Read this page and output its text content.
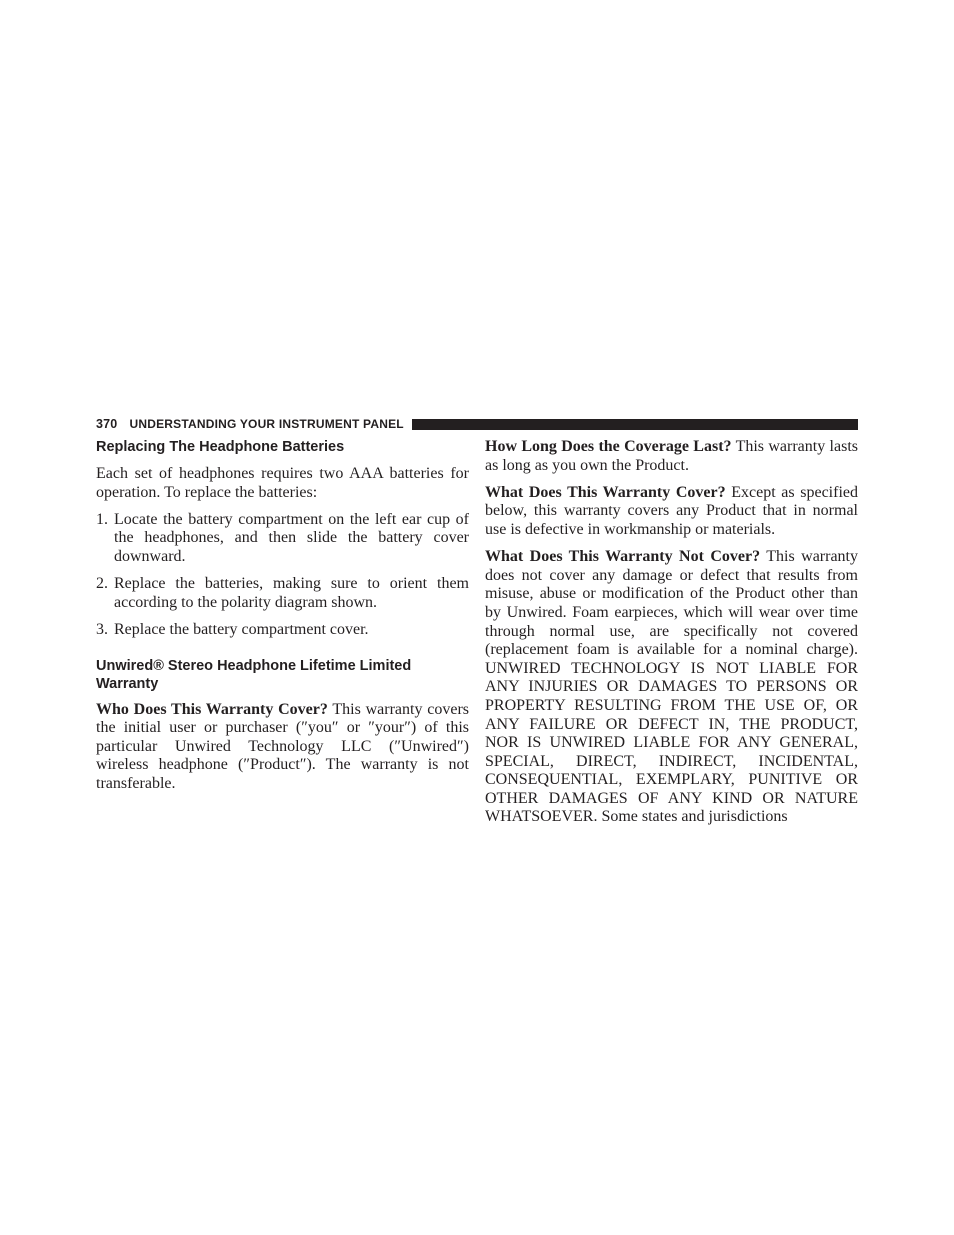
370 UNDERSTANDING YOUR INSTRUMENT PANEL
Replacing The Headphone Batteries

Each set of headphones requires two AAA batteries for operation. To replace the batteries:

1. Locate the battery compartment on the left ear cup of the headphones, and then slide the battery cover downward.
2. Replace the batteries, making sure to orient them according to the polarity diagram shown.
3. Replace the battery compartment cover.
Unwired® Stereo Headphone Lifetime Limited Warranty

Who Does This Warranty Cover? This warranty covers the initial user or purchaser (″you″ or ″your″) of this particular Unwired Technology LLC (″Unwired″) wireless headphone (″Product″). The warranty is not transferable.

How Long Does the Coverage Last? This warranty lasts as long as you own the Product.

What Does This Warranty Cover? Except as specified below, this warranty covers any Product that in normal use is defective in workmanship or materials.

What Does This Warranty Not Cover? This warranty does not cover any damage or defect that results from misuse, abuse or modification of the Product other than by Unwired. Foam earpieces, which will wear over time through normal use, are specifically not covered (replacement foam is available for a nominal charge). UNWIRED TECHNOLOGY IS NOT LIABLE FOR ANY INJURIES OR DAMAGES TO PERSONS OR PROPERTY RESULTING FROM THE USE OF, OR ANY FAILURE OR DEFECT IN, THE PRODUCT, NOR IS UNWIRED LIABLE FOR ANY GENERAL, SPECIAL, DIRECT, INDIRECT, INCIDENTAL, CONSEQUENTIAL, EXEMPLARY, PUNITIVE OR OTHER DAMAGES OF ANY KIND OR NATURE WHATSOEVER. Some states and jurisdictions
